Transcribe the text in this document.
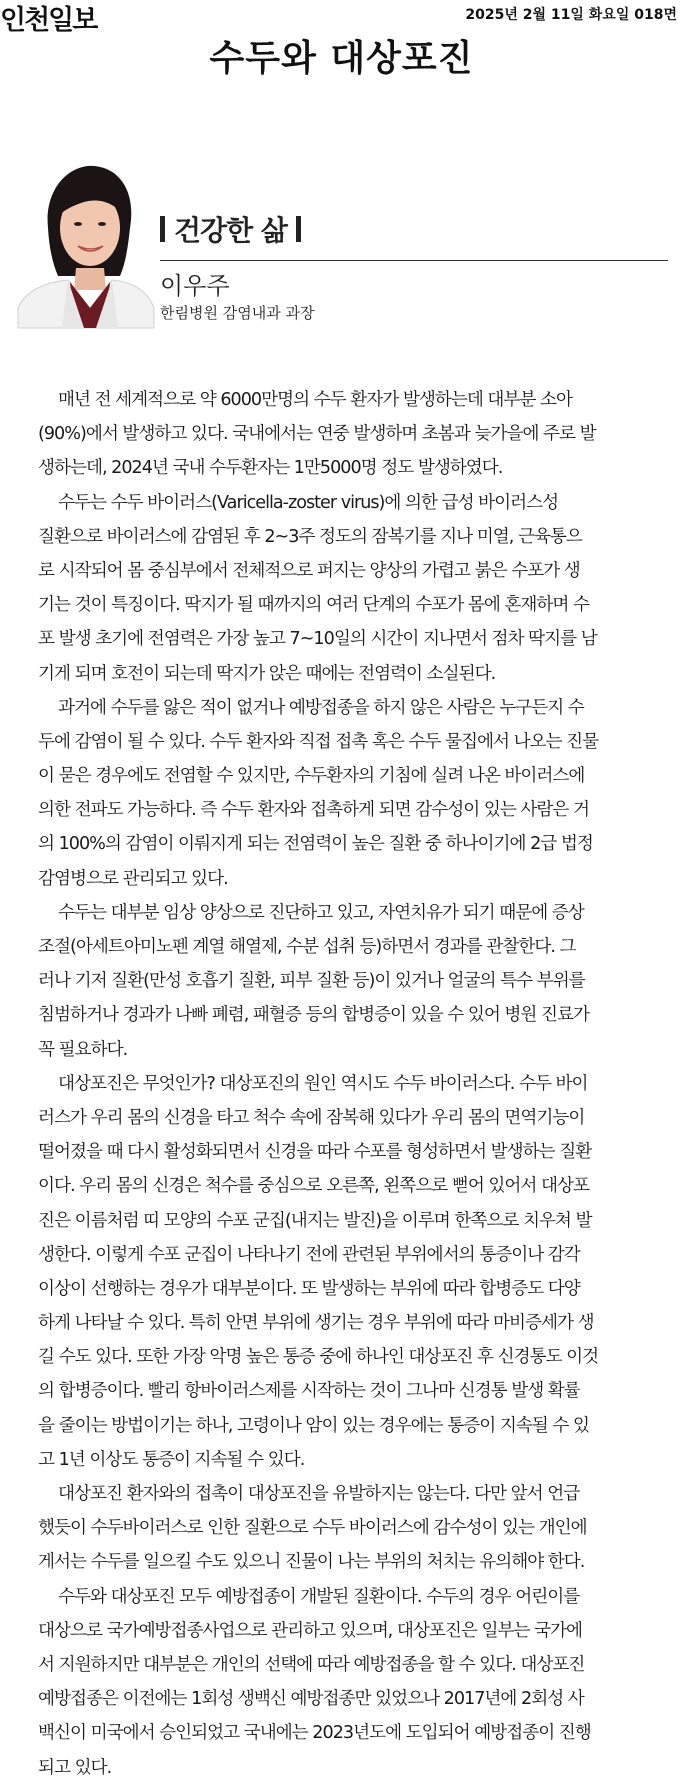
인천일보	2025년 2월 11일 화요일 018면
수두와 대상포진
건강한 삶
이우주
한림병원 감염내과 과장
매년 전 세계적으로 약 6000만명의 수두 환자가 발생하는데 대부분 소아
(90%)에서 발생하고 있다. 국내에서는 연중 발생하며 초봄과 늦가을에 주로 발
생하는데, 2024년 국내 수두환자는 1만5000명 정도 발생하였다.
수두는 수두 바이러스(Varicella-zoster virus)에 의한 급성 바이러스성
질환으로 바이러스에 감염된 후 2~3주 정도의 잠복기를 지나 미열, 근육통으
로 시작되어 몸 중심부에서 전체적으로 퍼지는 양상의 가렵고 붉은 수포가 생
기는 것이 특징이다. 딱지가 될 때까지의 여러 단계의 수포가 몸에 혼재하며 수
포 발생 초기에 전염력은 가장 높고 7~10일의 시간이 지나면서 점차 딱지를 남
기게 되며 호전이 되는데 딱지가 앉은 때에는 전염력이 소실된다.
과거에 수두를 앓은 적이 없거나 예방접종을 하지 않은 사람은 누구든지 수
두에 감염이 될 수 있다. 수두 환자와 직접 접촉 혹은 수두 물집에서 나오는 진물
이 묻은 경우에도 전염할 수 있지만, 수두환자의 기침에 실려 나온 바이러스에
의한 전파도 가능하다. 즉 수두 환자와 접촉하게 되면 감수성이 있는 사람은 거
의 100%의 감염이 이뤄지게 되는 전염력이 높은 질환 중 하나이기에 2급 법정
감염병으로 관리되고 있다.
수두는 대부분 임상 양상으로 진단하고 있고, 자연치유가 되기 때문에 증상
조절(아세트아미노펜 계열 해열제, 수분 섭취 등)하면서 경과를 관찰한다. 그
러나 기저 질환(만성 호흡기 질환, 피부 질환 등)이 있거나 얼굴의 특수 부위를
침범하거나 경과가 나빠 폐렴, 패혈증 등의 합병증이 있을 수 있어 병원 진료가
꼭 필요하다.
대상포진은 무엇인가? 대상포진의 원인 역시도 수두 바이러스다. 수두 바이
러스가 우리 몸의 신경을 타고 척수 속에 잠복해 있다가 우리 몸의 면역기능이
떨어졌을 때 다시 활성화되면서 신경을 따라 수포를 형성하면서 발생하는 질환
이다. 우리 몸의 신경은 척수를 중심으로 오른쪽, 왼쪽으로 뻗어 있어서 대상포
진은 이름처럼 띠 모양의 수포 군집(내지는 발진)을 이루며 한쪽으로 치우쳐 발
생한다. 이렇게 수포 군집이 나타나기 전에 관련된 부위에서의 통증이나 감각
이상이 선행하는 경우가 대부분이다. 또 발생하는 부위에 따라 합병증도 다양
하게 나타날 수 있다. 특히 안면 부위에 생기는 경우 부위에 따라 마비증세가 생
길 수도 있다. 또한 가장 악명 높은 통증 중에 하나인 대상포진 후 신경통도 이것
의 합병증이다. 빨리 항바이러스제를 시작하는 것이 그나마 신경통 발생 확률
을 줄이는 방법이기는 하나, 고령이나 암이 있는 경우에는 통증이 지속될 수 있
고 1년 이상도 통증이 지속될 수 있다.
대상포진 환자와의 접촉이 대상포진을 유발하지는 않는다. 다만 앞서 언급
했듯이 수두바이러스로 인한 질환으로 수두 바이러스에 감수성이 있는 개인에
게서는 수두를 일으킬 수도 있으니 진물이 나는 부위의 처치는 유의해야 한다.
수두와 대상포진 모두 예방접종이 개발된 질환이다. 수두의 경우 어린이를
대상으로 국가예방접종사업으로 관리하고 있으며, 대상포진은 일부는 국가에
서 지원하지만 대부분은 개인의 선택에 따라 예방접종을 할 수 있다. 대상포진
예방접종은 이전에는 1회성 생백신 예방접종만 있었으나 2017년에 2회성 사
백신이 미국에서 승인되었고 국내에는 2023년도에 도입되어 예방접종이 진행
되고 있다.
